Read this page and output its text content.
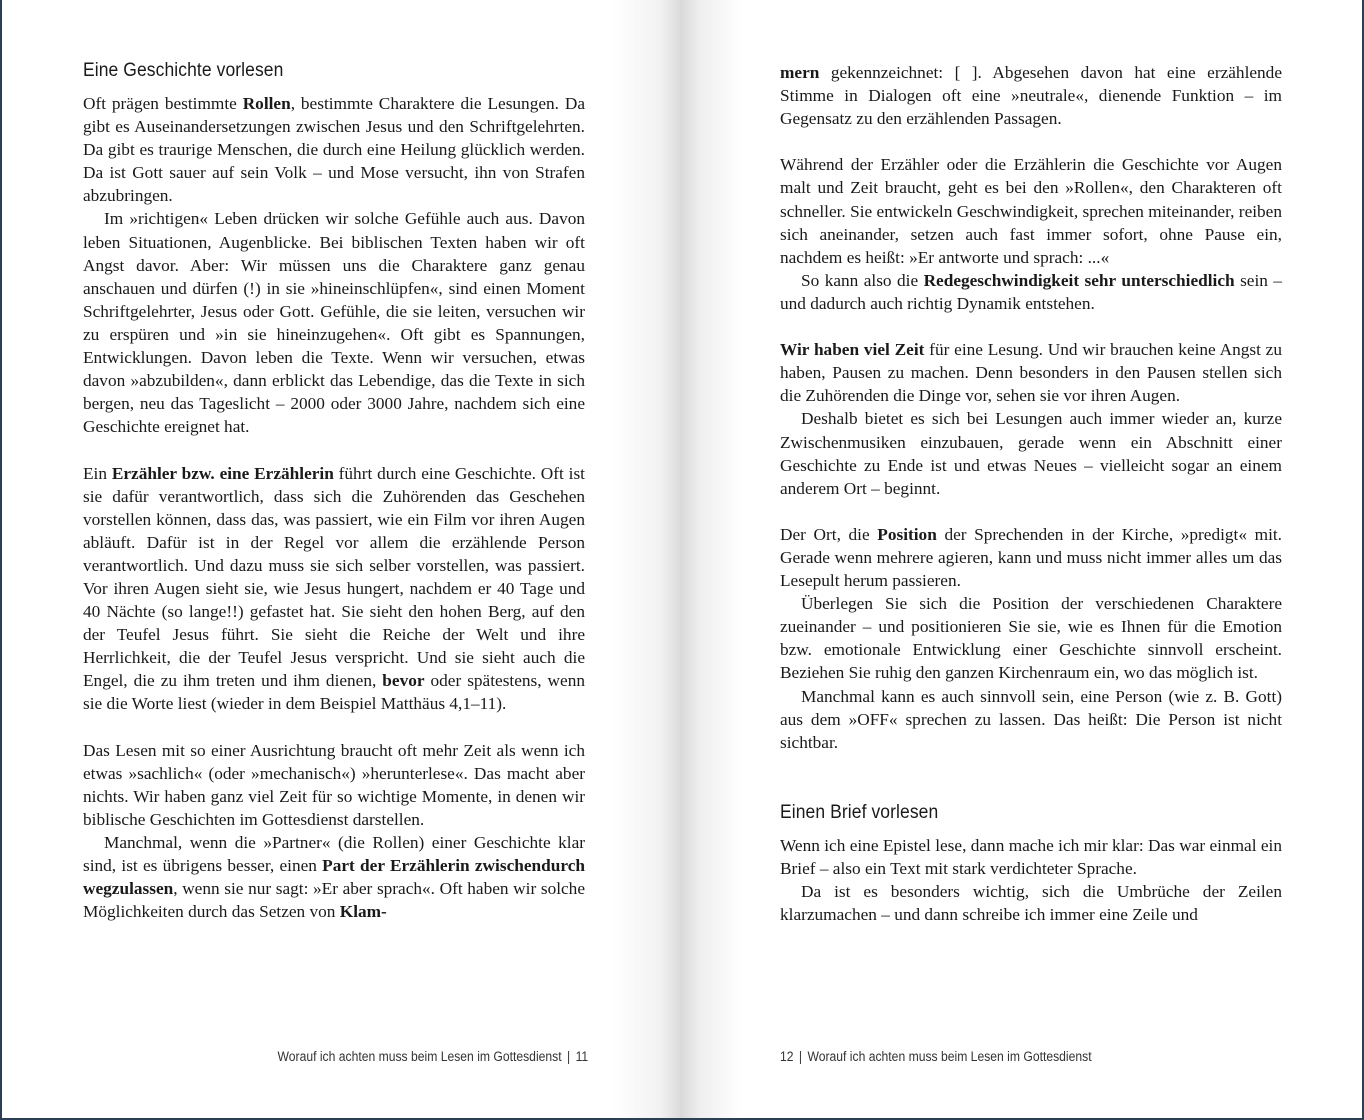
Eine Geschichte vorlesen

Oft prägen bestimmte Rollen, bestimmte Charaktere die Lesungen. Da gibt es Auseinandersetzungen zwischen Jesus und den Schriftgelehrten. Da gibt es traurige Menschen, die durch eine Heilung glücklich werden. Da ist Gott sauer auf sein Volk – und Mose versucht, ihn von Strafen abzubringen.

Im »richtigen« Leben drücken wir solche Gefühle auch aus. Davon leben Situationen, Augenblicke. Bei biblischen Texten haben wir oft Angst davor. Aber: Wir müssen uns die Charaktere ganz genau anschauen und dürfen (!) in sie »hineinschlüpfen«, sind einen Moment Schriftgelehrter, Jesus oder Gott. Gefühle, die sie leiten, versuchen wir zu erspüren und »in sie hineinzugehen«. Oft gibt es Spannungen, Entwicklungen. Davon leben die Texte. Wenn wir versuchen, etwas davon »abzubilden«, dann erblickt das Lebendige, das die Texte in sich bergen, neu das Tageslicht – 2000 oder 3000 Jahre, nachdem sich eine Geschichte ereignet hat.

Ein Erzähler bzw. eine Erzählerin führt durch eine Geschichte. Oft ist sie dafür verantwortlich, dass sich die Zuhörenden das Geschehen vorstellen können, dass das, was passiert, wie ein Film vor ihren Augen abläuft. Dafür ist in der Regel vor allem die erzählende Person verantwortlich. Und dazu muss sie sich selber vorstellen, was passiert. Vor ihren Augen sieht sie, wie Jesus hungert, nachdem er 40 Tage und 40 Nächte (so lange!!) gefastet hat. Sie sieht den hohen Berg, auf den der Teufel Jesus führt. Sie sieht die Reiche der Welt und ihre Herrlichkeit, die der Teufel Jesus verspricht. Und sie sieht auch die Engel, die zu ihm treten und ihm dienen, bevor oder spätestens, wenn sie die Worte liest (wieder in dem Beispiel Matthäus 4,1–11).

Das Lesen mit so einer Ausrichtung braucht oft mehr Zeit als wenn ich etwas »sachlich« (oder »mechanisch«) »herunterlese«. Das macht aber nichts. Wir haben ganz viel Zeit für so wichtige Momente, in denen wir biblische Geschichten im Gottesdienst darstellen.

Manchmal, wenn die »Partner« (die Rollen) einer Geschichte klar sind, ist es übrigens besser, einen Part der Erzählerin zwischendurch wegzulassen, wenn sie nur sagt: »Er aber sprach«. Oft haben wir solche Möglichkeiten durch das Setzen von Klam-

Worauf ich achten muss beim Lesen im Gottesdienst | 11

mern gekennzeichnet: [ ]. Abgesehen davon hat eine erzählende Stimme in Dialogen oft eine »neutrale«, dienende Funktion – im Gegensatz zu den erzählenden Passagen.

Während der Erzähler oder die Erzählerin die Geschichte vor Augen malt und Zeit braucht, geht es bei den »Rollen«, den Charakteren oft schneller. Sie entwickeln Geschwindigkeit, sprechen miteinander, reiben sich aneinander, setzen auch fast immer sofort, ohne Pause ein, nachdem es heißt: »Er antworte und sprach: ...«

So kann also die Redegeschwindigkeit sehr unterschiedlich sein – und dadurch auch richtig Dynamik entstehen.

Wir haben viel Zeit für eine Lesung. Und wir brauchen keine Angst zu haben, Pausen zu machen. Denn besonders in den Pausen stellen sich die Zuhörenden die Dinge vor, sehen sie vor ihren Augen.

Deshalb bietet es sich bei Lesungen auch immer wieder an, kurze Zwischenmusiken einzubauen, gerade wenn ein Abschnitt einer Geschichte zu Ende ist und etwas Neues – vielleicht sogar an einem anderem Ort – beginnt.

Der Ort, die Position der Sprechenden in der Kirche, »predigt« mit. Gerade wenn mehrere agieren, kann und muss nicht immer alles um das Lesepult herum passieren.

Überlegen Sie sich die Position der verschiedenen Charaktere zueinander – und positionieren Sie sie, wie es Ihnen für die Emotion bzw. emotionale Entwicklung einer Geschichte sinnvoll erscheint. Beziehen Sie ruhig den ganzen Kirchenraum ein, wo das möglich ist.

Manchmal kann es auch sinnvoll sein, eine Person (wie z. B. Gott) aus dem »OFF« sprechen zu lassen. Das heißt: Die Person ist nicht sichtbar.

Einen Brief vorlesen

Wenn ich eine Epistel lese, dann mache ich mir klar: Das war einmal ein Brief – also ein Text mit stark verdichteter Sprache.

Da ist es besonders wichtig, sich die Umbrüche der Zeilen klarzumachen – und dann schreibe ich immer eine Zeile und

12 | Worauf ich achten muss beim Lesen im Gottesdienst
